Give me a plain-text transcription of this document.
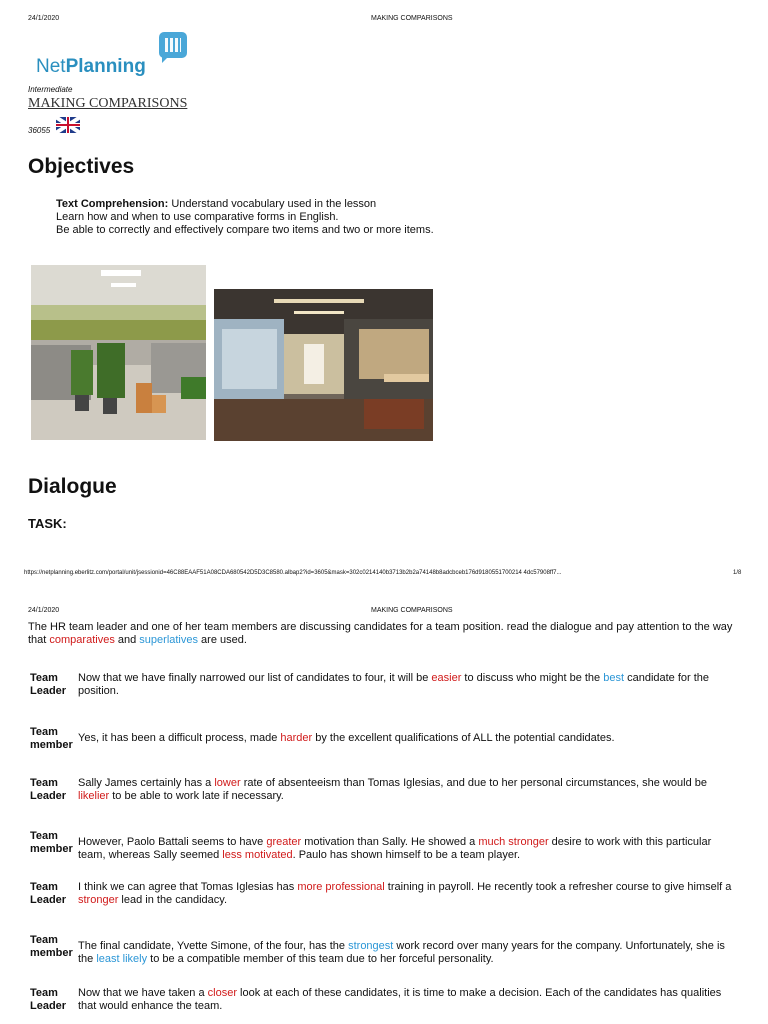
24/1/2020	MAKING COMPARISONS
NetPlanning
Intermediate
MAKING COMPARISONS
36055
Objectives
Text Comprehension: Understand vocabulary used in the lesson
Learn how and when to use comparative forms in English.
Be able to correctly and effectively compare two items and two or more items.
Dialogue
TASK:
https://netplanning.eberlitz.com/portal/unit/jsessionid=46C88EAAF51A08CDA680542D5D3C8580.albap2?id=3605&mask=302c0214140b3713b2b2a74148b8adcbceb176d9180551700214 4dc57908ff7...	1/8
24/1/2020	MAKING COMPARISONS
The HR team leader and one of her team members are discussing candidates for a team position. read the dialogue and pay attention to the way that comparatives and superlatives are used.
Team
Leader
Now that we have finally narrowed our list of candidates to four, it will be easier to discuss who might be the best candidate for the position.
Team
member
Yes, it has been a difficult process, made harder by the excellent qualifications of ALL the potential candidates.
Team
Leader
Sally James certainly has a lower rate of absenteeism than Tomas Iglesias, and due to her personal circumstances, she would be likelier to be able to work late if necessary.
Team
member
However, Paolo Battali seems to have greater motivation than Sally. He showed a much stronger desire to work with this particular team, whereas Sally seemed less motivated. Paulo has shown himself to be a team player.
Team
Leader
I think we can agree that Tomas Iglesias has more professional training in payroll. He recently took a refresher course to give himself a stronger lead in the candidacy.
Team
member
The final candidate, Yvette Simone, of the four, has the strongest work record over many years for the company. Unfortunately, she is the least likely to be a compatible member of this team due to her forceful personality.
Team
Leader
Now that we have taken a closer look at each of these candidates, it is time to make a decision. Each of the candidates has qualities that would enhance the team.
